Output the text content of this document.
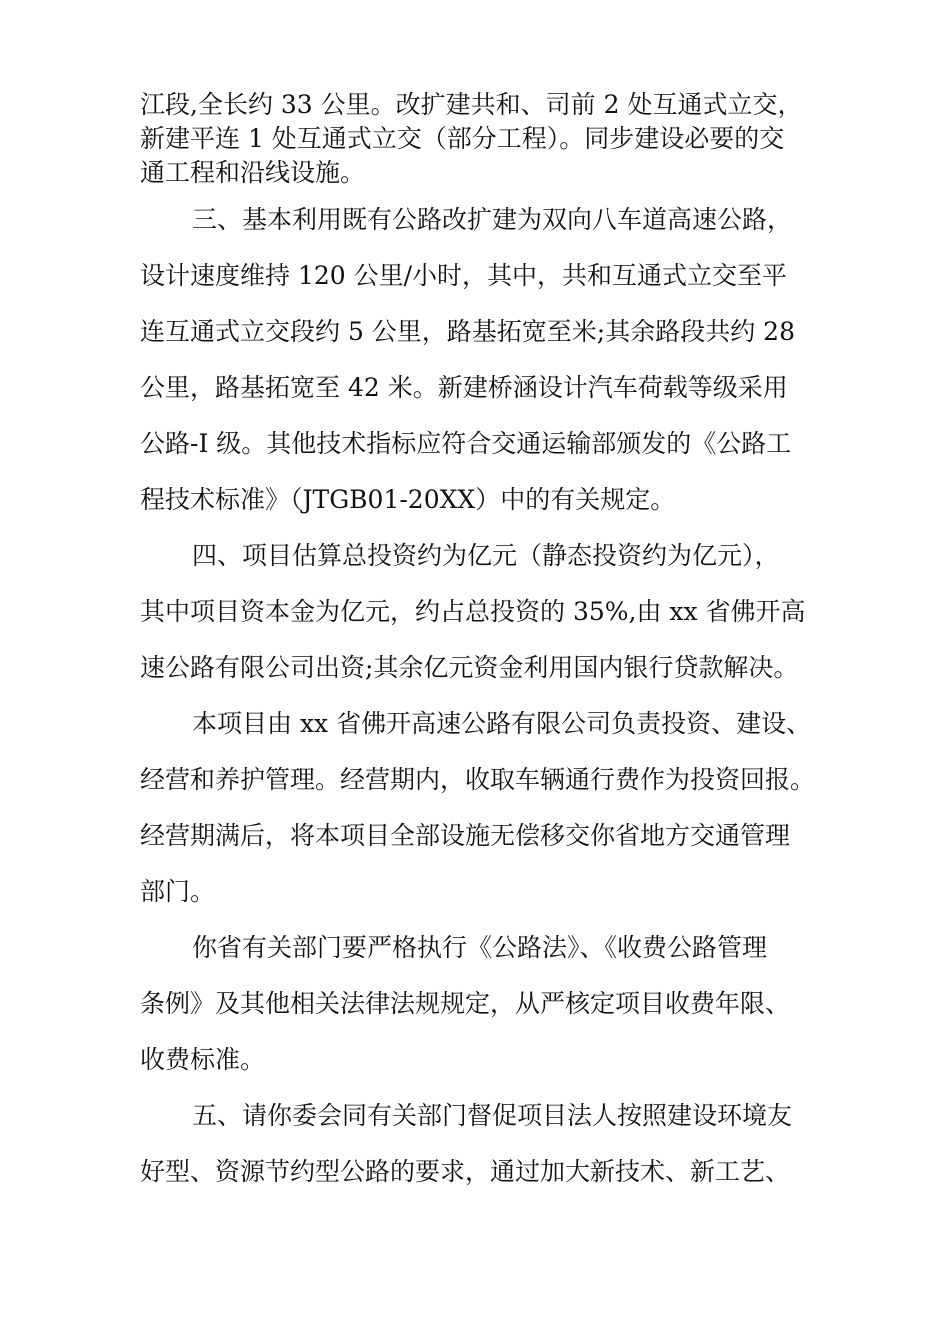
江段,全长约 33 公里。改扩建共和、司前 2 处互通式立交，
新建平连 1 处互通式立交（部分工程）。同步建设必要的交
通工程和沿线设施。
三、基本利用既有公路改扩建为双向八车道高速公路，
设计速度维持 120 公里/小时，其中，共和互通式立交至平
连互通式立交段约 5 公里，路基拓宽至米;其余路段共约 28
公里，路基拓宽至 42 米。新建桥涵设计汽车荷载等级采用
公路-I 级。其他技术指标应符合交通运输部颁发的《公路工
程技术标准》（JTGB01-20XX）中的有关规定。
四、项目估算总投资约为亿元（静态投资约为亿元），
其中项目资本金为亿元，约占总投资的 35%,由 xx 省佛开高
速公路有限公司出资;其余亿元资金利用国内银行贷款解决。
本项目由 xx 省佛开高速公路有限公司负责投资、建设、
经营和养护管理。经营期内，收取车辆通行费作为投资回报。
经营期满后，将本项目全部设施无偿移交你省地方交通管理
部门。
你省有关部门要严格执行《公路法》、《收费公路管理
条例》及其他相关法律法规规定，从严核定项目收费年限、
收费标准。
五、请你委会同有关部门督促项目法人按照建设环境友
好型、资源节约型公路的要求，通过加大新技术、新工艺、
